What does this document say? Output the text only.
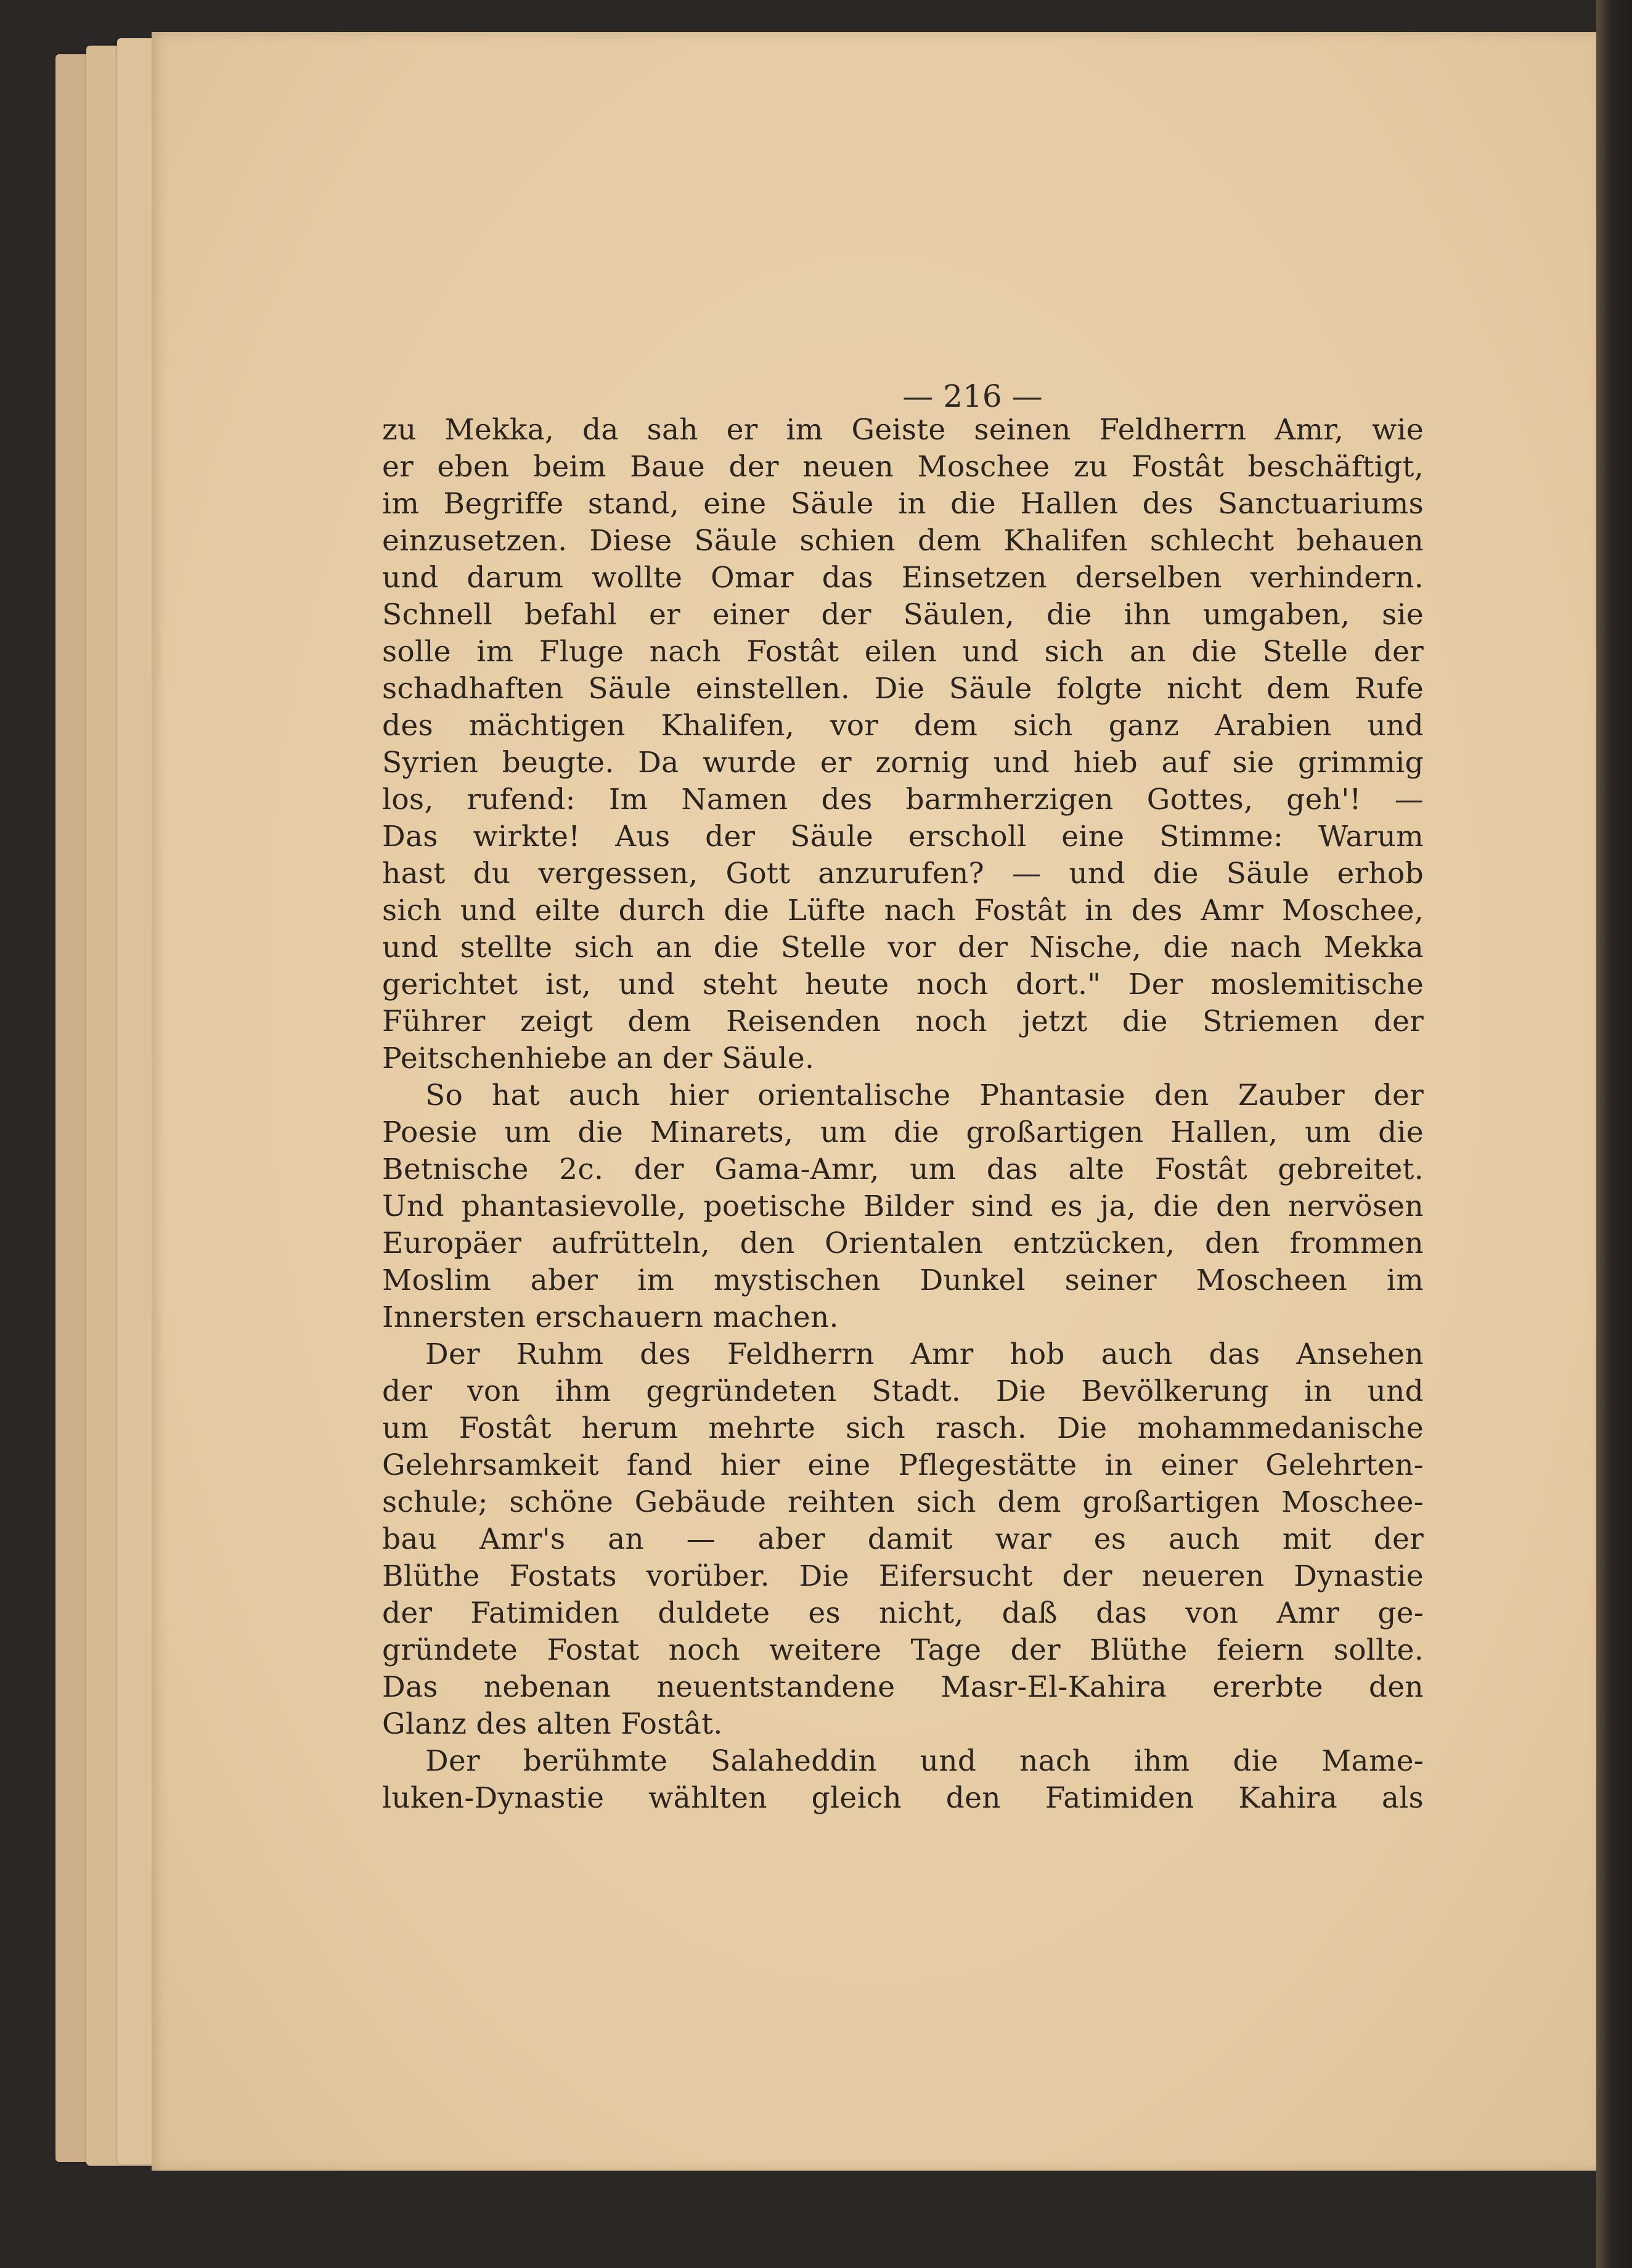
— 216 —
zu Mekka, da sah er im Geiste seinen Feldherrn Amr, wie
er eben beim Baue der neuen Moschee zu Fostât beschäftigt,
im Begriffe stand, eine Säule in die Hallen des Sanctuariums
einzusetzen. Diese Säule schien dem Khalifen schlecht behauen
und darum wollte Omar das Einsetzen derselben verhindern.
Schnell befahl er einer der Säulen, die ihn umgaben, sie
solle im Fluge nach Fostât eilen und sich an die Stelle der
schadhaften Säule einstellen. Die Säule folgte nicht dem Rufe
des mächtigen Khalifen, vor dem sich ganz Arabien und
Syrien beugte. Da wurde er zornig und hieb auf sie grimmig
los, rufend: Im Namen des barmherzigen Gottes, geh'! —
Das wirkte! Aus der Säule erscholl eine Stimme: Warum
hast du vergessen, Gott anzurufen? — und die Säule erhob
sich und eilte durch die Lüfte nach Fostât in des Amr Moschee,
und stellte sich an die Stelle vor der Nische, die nach Mekka
gerichtet ist, und steht heute noch dort." Der moslemitische
Führer zeigt dem Reisenden noch jetzt die Striemen der
Peitschenhiebe an der Säule.
So hat auch hier orientalische Phantasie den Zauber der
Poesie um die Minarets, um die großartigen Hallen, um die
Betnische 2c. der Gama-Amr, um das alte Fostât gebreitet.
Und phantasievolle, poetische Bilder sind es ja, die den nervösen
Europäer aufrütteln, den Orientalen entzücken, den frommen
Moslim aber im mystischen Dunkel seiner Moscheen im
Innersten erschauern machen.
Der Ruhm des Feldherrn Amr hob auch das Ansehen
der von ihm gegründeten Stadt. Die Bevölkerung in und
um Fostât herum mehrte sich rasch. Die mohammedanische
Gelehrsamkeit fand hier eine Pflegestätte in einer Gelehrten-
schule; schöne Gebäude reihten sich dem großartigen Moschee-
bau Amr's an — aber damit war es auch mit der
Blüthe Fostats vorüber. Die Eifersucht der neueren Dynastie
der Fatimiden duldete es nicht, daß das von Amr ge-
gründete Fostat noch weitere Tage der Blüthe feiern sollte.
Das nebenan neuentstandene Masr-El-Kahira ererbte den
Glanz des alten Fostât.
Der berühmte Salaheddin und nach ihm die Mame-
luken-Dynastie wählten gleich den Fatimiden Kahira als
